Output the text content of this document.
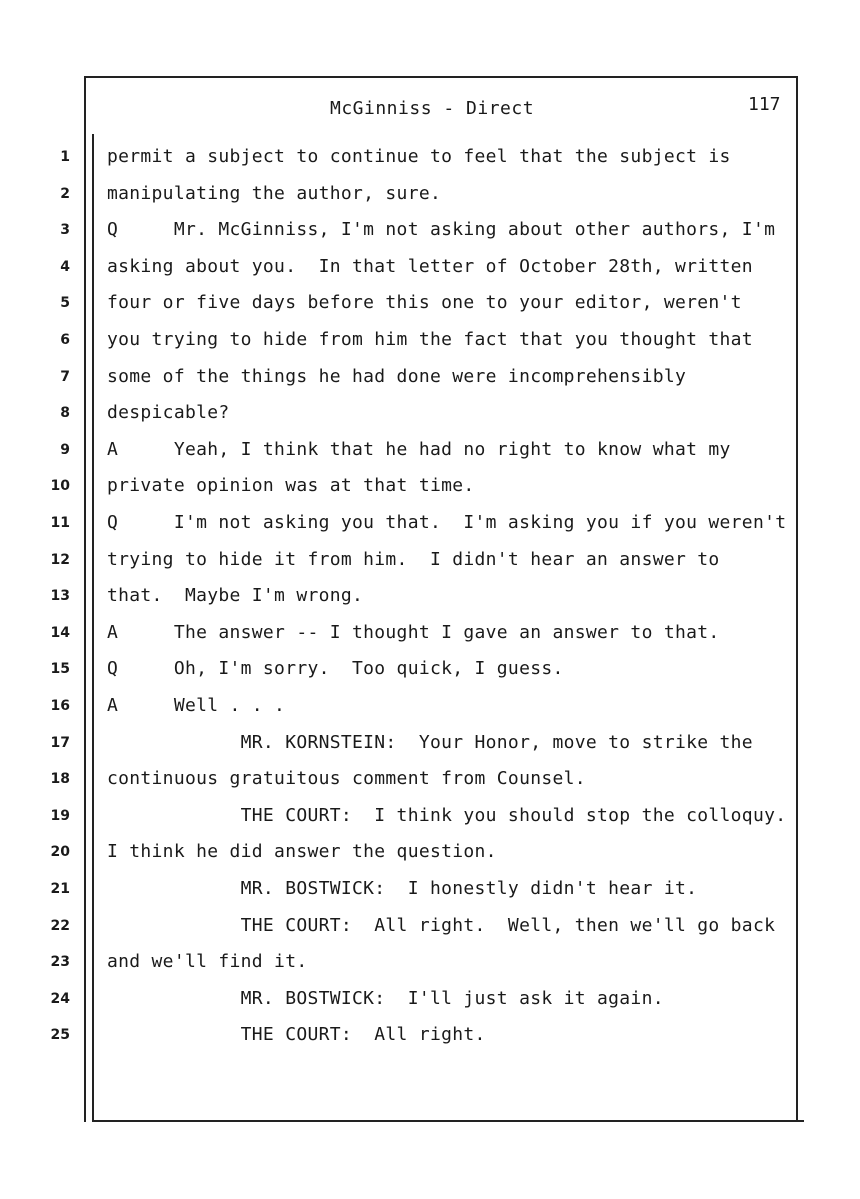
McGinniss - Direct	117
1 permit a subject to continue to feel that the subject is
2 manipulating the author, sure.
3 Q     Mr. McGinniss, I'm not asking about other authors, I'm
4 asking about you.  In that letter of October 28th, written
5 four or five days before this one to your editor, weren't
6 you trying to hide from him the fact that you thought that
7 some of the things he had done were incomprehensibly
8 despicable?
9 A     Yeah, I think that he had no right to know what my
10 private opinion was at that time.
11 Q     I'm not asking you that.  I'm asking you if you weren't
12 trying to hide it from him.  I didn't hear an answer to
13 that.  Maybe I'm wrong.
14 A     The answer -- I thought I gave an answer to that.
15 Q     Oh, I'm sorry.  Too quick, I guess.
16 A     Well . . .
17 MR. KORNSTEIN:  Your Honor, move to strike the
18 continuous gratuitous comment from Counsel.
19 THE COURT:  I think you should stop the colloquy.
20 I think he did answer the question.
21 MR. BOSTWICK:  I honestly didn't hear it.
22 THE COURT:  All right.  Well, then we'll go back
23 and we'll find it.
24 MR. BOSTWICK:  I'll just ask it again.
25 THE COURT:  All right.
